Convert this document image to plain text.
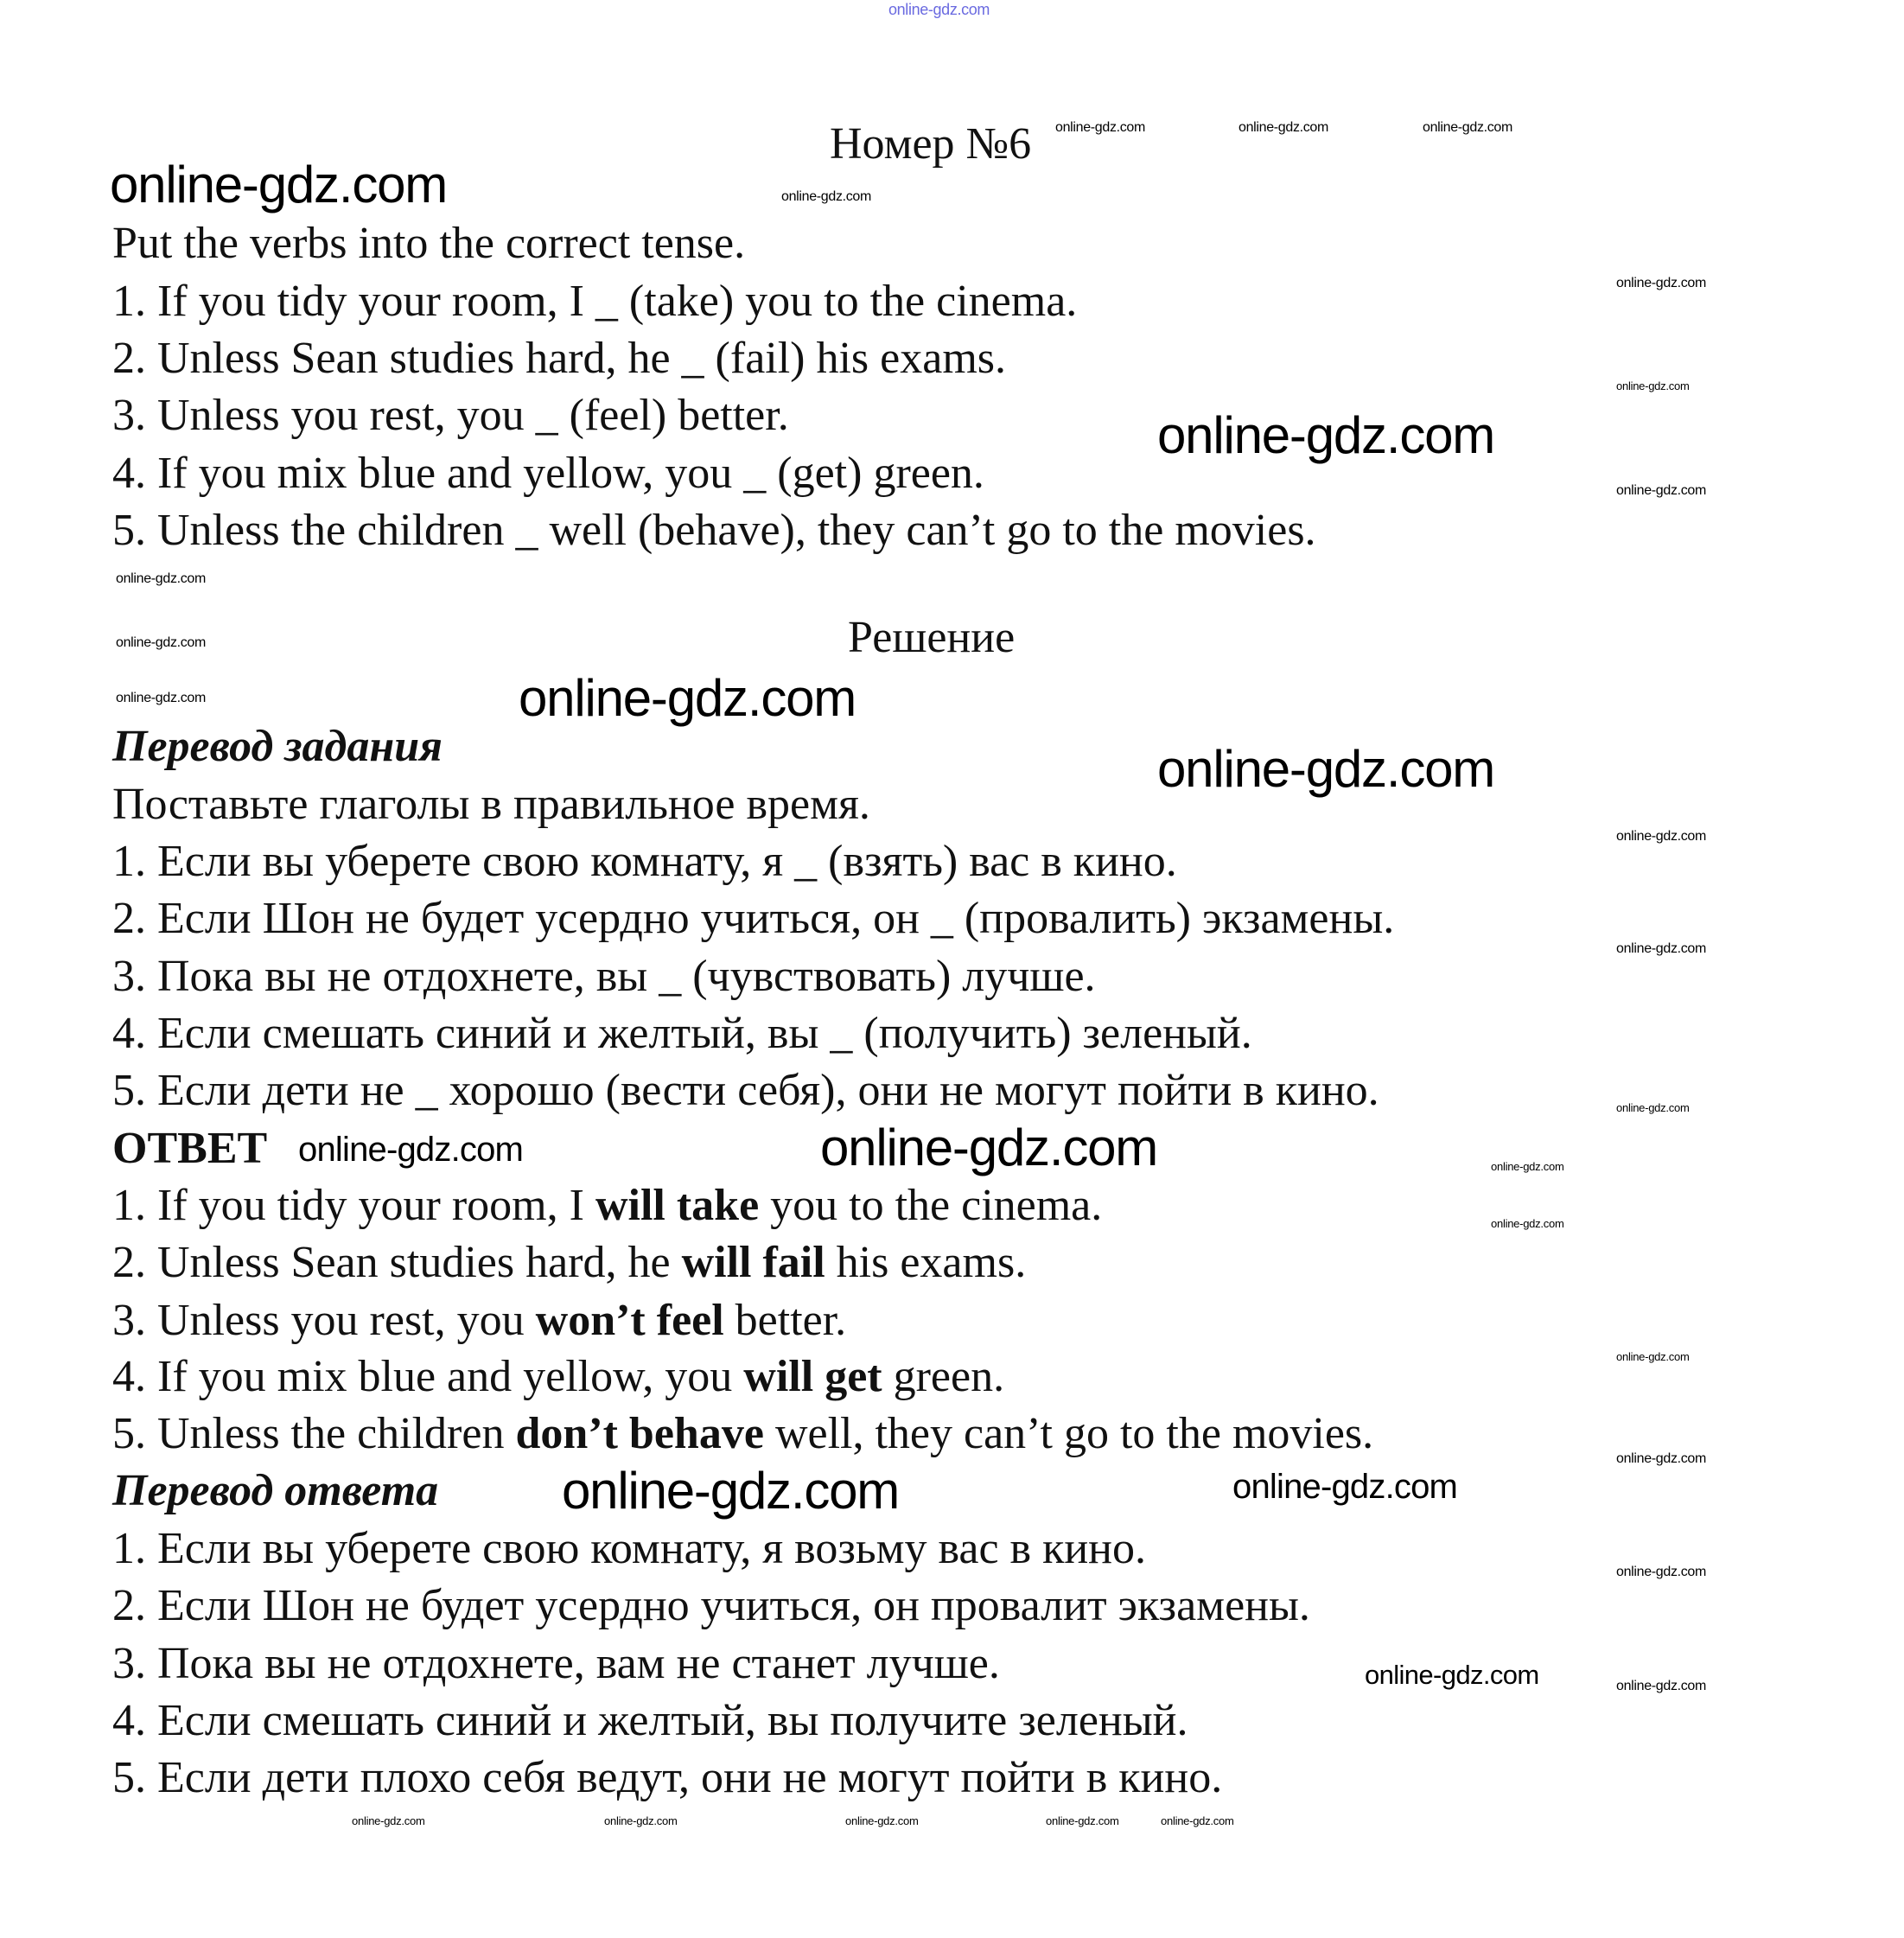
Номер №6
Put the verbs into the correct tense.
1. If you tidy your room, I _ (take) you to the cinema.
2. Unless Sean studies hard, he _ (fail) his exams.
3. Unless you rest, you _ (feel) better.
4. If you mix blue and yellow, you _ (get) green.
5. Unless the children _ well (behave), they can’t go to the movies.
Решение
Перевод задания
Поставьте глаголы в правильное время.
1. Если вы уберете свою комнату, я _ (взять) вас в кино.
2. Если Шон не будет усердно учиться, он _ (провалить) экзамены.
3. Пока вы не отдохнете, вы _ (чувствовать) лучше.
4. Если смешать синий и желтый, вы _ (получить) зеленый.
5. Если дети не _ хорошо (вести себя), они не могут пойти в кино.
ОТВЕТ
1. If you tidy your room, I will take you to the cinema.
2. Unless Sean studies hard, he will fail his exams.
3. Unless you rest, you won’t feel better.
4. If you mix blue and yellow, you will get green.
5. Unless the children don’t behave well, they can’t go to the movies.
Перевод ответа
1. Если вы уберете свою комнату, я возьму вас в кино.
2. Если Шон не будет усердно учиться, он провалит экзамены.
3. Пока вы не отдохнете, вам не станет лучше.
4. Если смешать синий и желтый, вы получите зеленый.
5. Если дети плохо себя ведут, они не могут пойти в кино.
online-gdz.com
online-gdz.com
online-gdz.com
online-gdz.com
online-gdz.com
online-gdz.com
online-gdz.com
online-gdz.com
online-gdz.com
online-gdz.com
online-gdz.com	online-gdz.com	online-gdz.com
online-gdz.com
online-gdz.com
online-gdz.com
online-gdz.com
online-gdz.com
online-gdz.com
online-gdz.com
online-gdz.com
online-gdz.com
online-gdz.com
online-gdz.com
online-gdz.com
online-gdz.com
online-gdz.com
online-gdz.com
online-gdz.com
online-gdz.com	online-gdz.com	online-gdz.com	online-gdz.com	online-gdz.com
